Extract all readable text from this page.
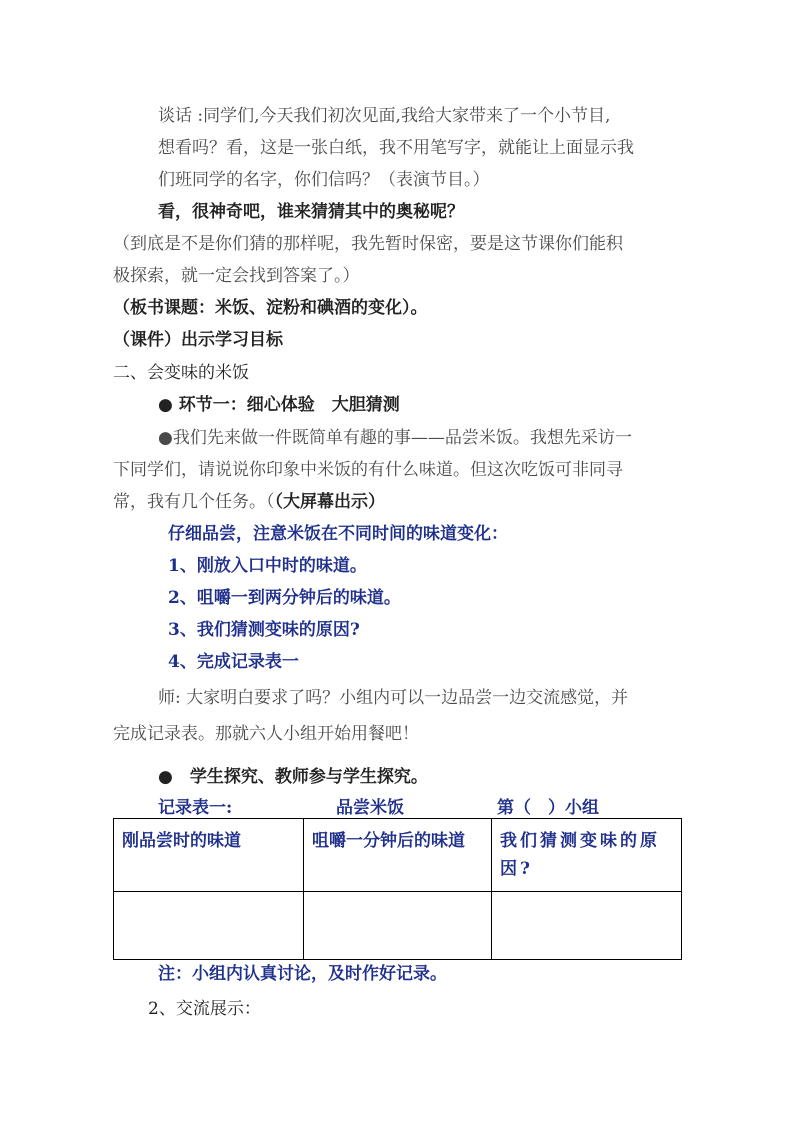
谈话 :同学们,今天我们初次见面,我给大家带来了一个小节目,
想看吗？看，这是一张白纸，我不用笔写字，就能让上面显示我
们班同学的名字，你们信吗？（表演节目。）
看，很神奇吧，谁来猜猜其中的奥秘呢？
（到底是不是你们猜的那样呢，我先暂时保密，要是这节课你们能积
极探索，就一定会找到答案了。）
（板书课题：米饭、淀粉和碘酒的变化）。
（课件）出示学习目标
二、会变味的米饭
● 环节一：细心体验　大胆猜测
●我们先来做一件既简单有趣的事——品尝米饭。我想先采访一
下同学们，请说说你印象中米饭的有什么味道。但这次吃饭可非同寻
常，我有几个任务。（（大屏幕出示）
仔细品尝，注意米饭在不同时间的味道变化：
1、刚放入口中时的味道。
2、咀嚼一到两分钟后的味道。
3、我们猜测变味的原因?
4、完成记录表一
师: 大家明白要求了吗？小组内可以一边品尝一边交流感觉，并
完成记录表。那就六人小组开始用餐吧！
●　学生探究、教师参与学生探究。
记录表一:	品尝米饭	第（　）小组
刚品尝时的味道	咀嚼一分钟后的味道	我们猜测变味的原因?

注：小组内认真讨论，及时作好记录。
2、交流展示：
